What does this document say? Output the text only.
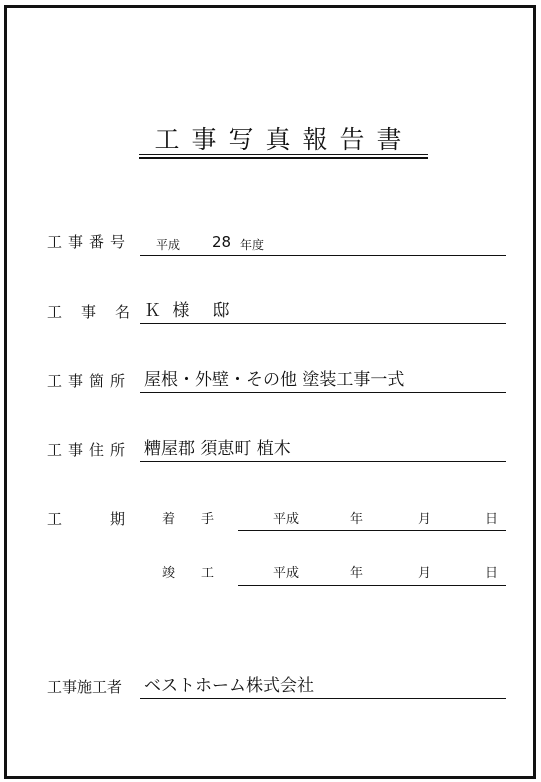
工事写真報告書
工事番号 平成 28 年度
工　事　名 Ｋ 様　邸
工事箇所 屋根・外壁・その他 塗装工事一式
工事住所 糟屋郡 須恵町 植木
工	期	着　　手	平成	年	月	日
竣　　工	平成	年	月	日
工事施工者 ベストホーム株式会社
